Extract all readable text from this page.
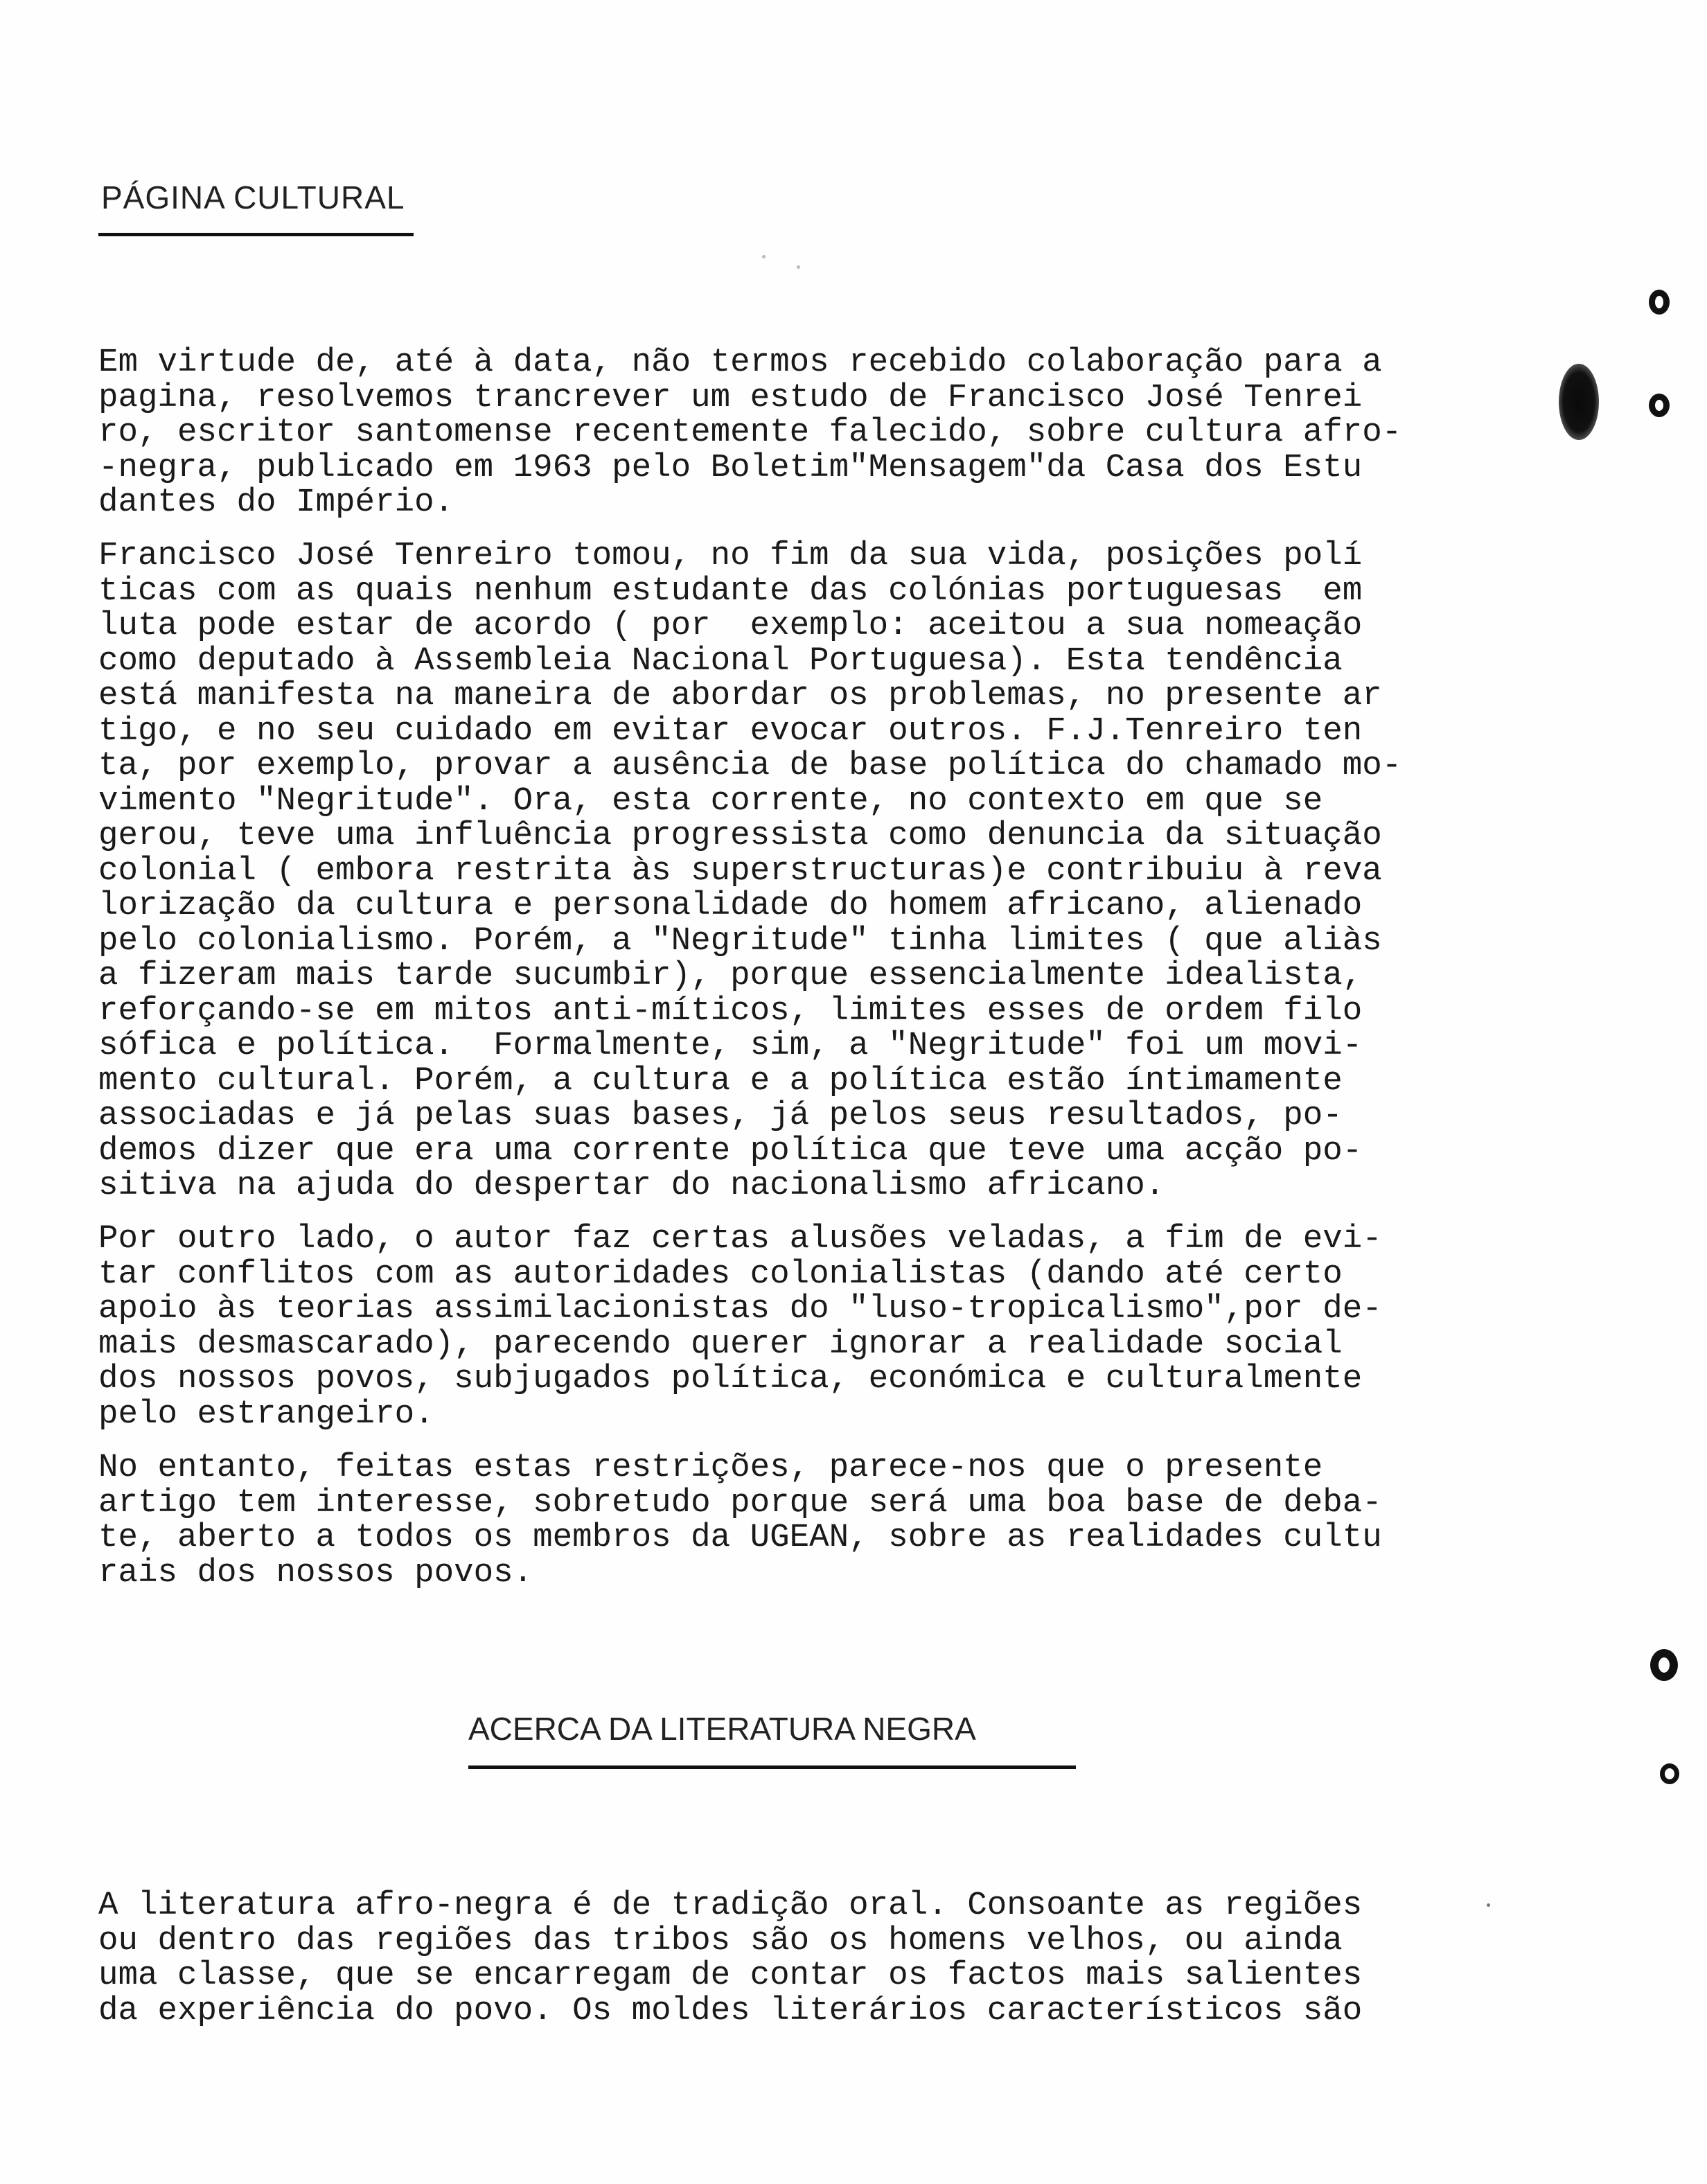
PÁGINA CULTURAL
Em virtude de, até à data, não termos recebido colaboração para a
pagina, resolvemos trancrever um estudo de Francisco José Tenrei
ro, escritor santomense recentemente falecido, sobre cultura afro-
-negra, publicado em 1963 pelo Boletim"Mensagem"da Casa dos Estu
dantes do Império.
Francisco José Tenreiro tomou, no fim da sua vida, posições polí
ticas com as quais nenhum estudante das colónias portuguesas  em
luta pode estar de acordo ( por  exemplo: aceitou a sua nomeação
como deputado à Assembleia Nacional Portuguesa). Esta tendência
está manifesta na maneira de abordar os problemas, no presente ar
tigo, e no seu cuidado em evitar evocar outros. F.J.Tenreiro ten
ta, por exemplo, provar a ausência de base política do chamado mo-
vimento "Negritude". Ora, esta corrente, no contexto em que se
gerou, teve uma influência progressista como denuncia da situação
colonial ( embora restrita às superstructuras)e contribuiu à reva
lorização da cultura e personalidade do homem africano, alienado
pelo colonialismo. Porém, a "Negritude" tinha limites ( que aliàs
a fizeram mais tarde sucumbir), porque essencialmente idealista,
reforçando-se em mitos anti-míticos, limites esses de ordem filo
sófica e política.  Formalmente, sim, a "Negritude" foi um movi-
mento cultural. Porém, a cultura e a política estão íntimamente
associadas e já pelas suas bases, já pelos seus resultados, po-
demos dizer que era uma corrente política que teve uma acção po-
sitiva na ajuda do despertar do nacionalismo africano.
Por outro lado, o autor faz certas alusões veladas, a fim de evi-
tar conflitos com as autoridades colonialistas (dando até certo
apoio às teorias assimilacionistas do "luso-tropicalismo",por de-
mais desmascarado), parecendo querer ignorar a realidade social
dos nossos povos, subjugados política, económica e culturalmente
pelo estrangeiro.
No entanto, feitas estas restrições, parece-nos que o presente
artigo tem interesse, sobretudo porque será uma boa base de deba-
te, aberto a todos os membros da UGEAN, sobre as realidades cultu
rais dos nossos povos.
ACERCA DA LITERATURA NEGRA
A literatura afro-negra é de tradição oral. Consoante as regiões
ou dentro das regiões das tribos são os homens velhos, ou ainda
uma classe, que se encarregam de contar os factos mais salientes
da experiência do povo. Os moldes literários característicos são
